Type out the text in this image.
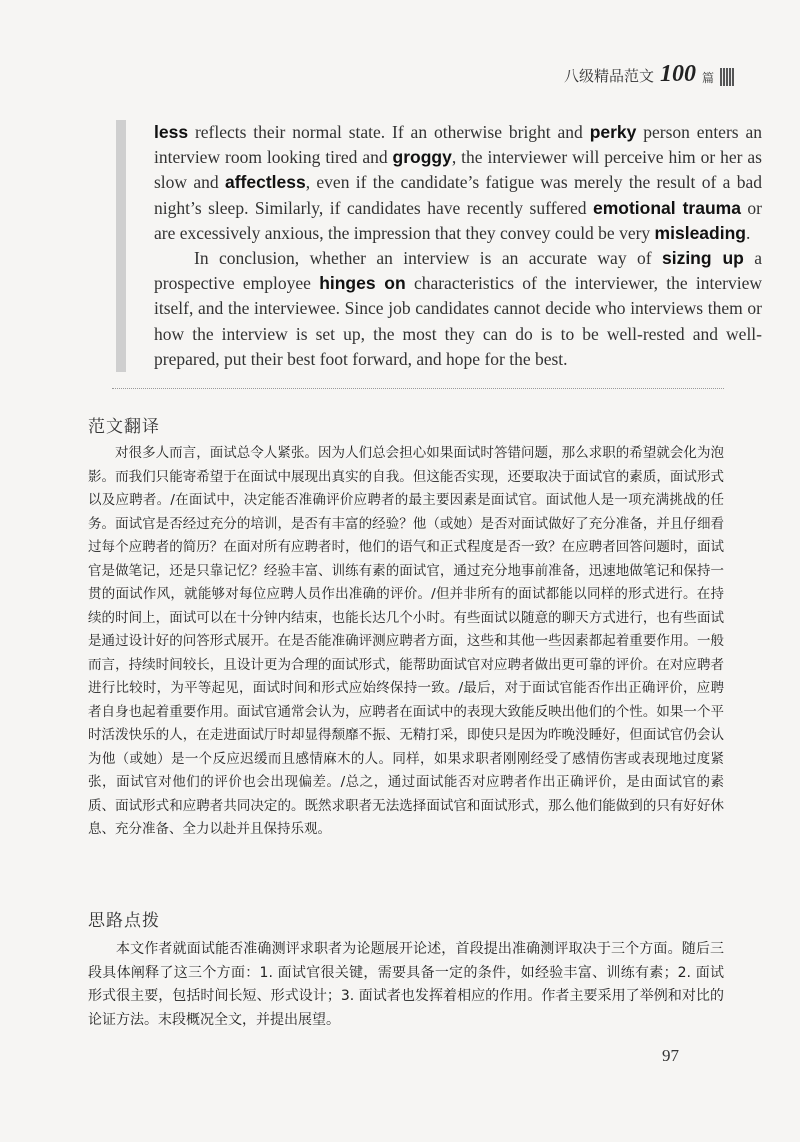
八级精品范文 100 篇

less reflects their normal state. If an otherwise bright and perky person enters an interview room looking tired and groggy, the interviewer will perceive him or her as slow and affectless, even if the candidate’s fatigue was merely the result of a bad night’s sleep. Similarly, if candidates have recently suffered emotional trauma or are excessively anxious, the impression that they convey could be very misleading.

In conclusion, whether an interview is an accurate way of sizing up a prospective employee hinges on characteristics of the interviewer, the interview itself, and the interviewee. Since job candidates cannot decide who interviews them or how the interview is set up, the most they can do is to be well-rested and well-prepared, put their best foot forward, and hope for the best.

范文翻译

对很多人而言，面试总令人紧张。因为人们总会担心如果面试时答错问题，那么求职的希望就会化为泡影。而我们只能寄希望于在面试中展现出真实的自我。但这能否实现，还要取决于面试官的素质，面试形式以及应聘者。/在面试中，决定能否准确评价应聘者的最主要因素是面试官。面试他人是一项充满挑战的任务。面试官是否经过充分的培训，是否有丰富的经验？他（或她）是否对面试做好了充分准备，并且仔细看过每个应聘者的简历？在面对所有应聘者时，他们的语气和正式程度是否一致？在应聘者回答问题时，面试官是做笔记，还是只靠记忆？经验丰富、训练有素的面试官，通过充分地事前准备，迅速地做笔记和保持一贯的面试作风，就能够对每位应聘人员作出准确的评价。/但并非所有的面试都能以同样的形式进行。在持续的时间上，面试可以在十分钟内结束，也能长达几个小时。有些面试以随意的聊天方式进行，也有些面试是通过设计好的问答形式展开。在是否能准确评测应聘者方面，这些和其他一些因素都起着重要作用。一般而言，持续时间较长，且设计更为合理的面试形式，能帮助面试官对应聘者做出更可靠的评价。在对应聘者进行比较时，为平等起见，面试时间和形式应始终保持一致。/最后，对于面试官能否作出正确评价，应聘者自身也起着重要作用。面试官通常会认为，应聘者在面试中的表现大致能反映出他们的个性。如果一个平时活泼快乐的人，在走进面试厅时却显得颓靡不振、无精打采，即使只是因为昨晚没睡好，但面试官仍会认为他（或她）是一个反应迟缓而且感情麻木的人。同样，如果求职者刚刚经受了感情伤害或表现地过度紧张，面试官对他们的评价也会出现偏差。/总之，通过面试能否对应聘者作出正确评价，是由面试官的素质、面试形式和应聘者共同决定的。既然求职者无法选择面试官和面试形式，那么他们能做到的只有好好休息、充分准备、全力以赴并且保持乐观。

思路点拨

本文作者就面试能否准确测评求职者为论题展开论述，首段提出准确测评取决于三个方面。随后三段具体阐释了这三个方面：1. 面试官很关键，需要具备一定的条件，如经验丰富、训练有素；2. 面试形式很主要，包括时间长短、形式设计；3. 面试者也发挥着相应的作用。作者主要采用了举例和对比的论证方法。末段概况全文，并提出展望。

97
